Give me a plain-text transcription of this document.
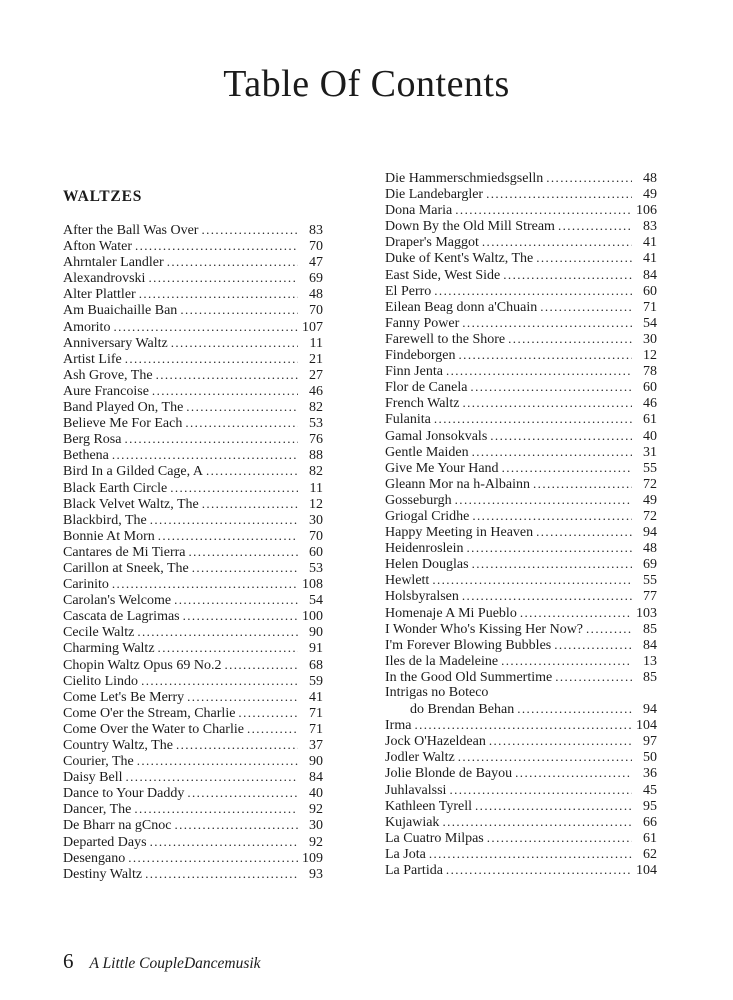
Table Of Contents
WALTZES
After the Ball Was Over .....	83
Afton Water .....	70
Ahrntaler Landler .....	47
Alexandrovski .....	69
Alter Plattler .....	48
Am Buaichaille Ban .....	70
Amorito .....	107
Anniversary Waltz .....	11
Artist Life .....	21
Ash Grove, The .....	27
Aure Francoise .....	46
Band Played On, The .....	82
Believe Me For Each .....	53
Berg Rosa .....	76
Bethena .....	88
Bird In a Gilded Cage, A .....	82
Black Earth Circle .....	11
Black Velvet Waltz, The .....	12
Blackbird, The .....	30
Bonnie At Morn .....	70
Cantares de Mi Tierra .....	60
Carillon at Sneek, The .....	53
Carinito .....	108
Carolan's Welcome .....	54
Cascata de Lagrimas .....	100
Cecile Waltz .....	90
Charming Waltz .....	91
Chopin Waltz Opus 69 No.2 .....	68
Cielito Lindo .....	59
Come Let's Be Merry .....	41
Come O'er the Stream, Charlie .....	71
Come Over the Water to Charlie .....	71
Country Waltz, The .....	37
Courier, The .....	90
Daisy Bell .....	84
Dance to Your Daddy .....	40
Dancer, The .....	92
De Bharr na gCnoc .....	30
Departed Days .....	92
Desengano .....	109
Destiny Waltz .....	93
Die Hammerschmiedsgselln .....	48
Die Landebargler .....	49
Dona Maria .....	106
Down By the Old Mill Stream .....	83
Draper's Maggot .....	41
Duke of Kent's Waltz, The .....	41
East Side, West Side .....	84
El Perro .....	60
Eilean Beag donn a'Chuain .....	71
Fanny Power .....	54
Farewell to the Shore .....	30
Findeborgen .....	12
Finn Jenta .....	78
Flor de Canela .....	60
French Waltz .....	46
Fulanita .....	61
Gamal Jonsokvals .....	40
Gentle Maiden .....	31
Give Me Your Hand .....	55
Gleann Mor na h-Albainn .....	72
Gosseburgh .....	49
Griogal Cridhe .....	72
Happy Meeting in Heaven .....	94
Heidenroslein .....	48
Helen Douglas .....	69
Hewlett .....	55
Holsbyralsen .....	77
Homenaje A Mi Pueblo .....	103
I Wonder Who's Kissing Her Now? .....	85
I'm Forever Blowing Bubbles .....	84
Iles de la Madeleine .....	13
In the Good Old Summertime .....	85
Intrigas no Boteco
do Brendan Behan .....	94
Irma .....	104
Jock O'Hazeldean .....	97
Jodler Waltz .....	50
Jolie Blonde de Bayou .....	36
Juhlavalssi .....	45
Kathleen Tyrell .....	95
Kujawiak .....	66
La Cuatro Milpas .....	61
La Jota .....	62
La Partida .....	104
6 A Little CoupleDancemusik
